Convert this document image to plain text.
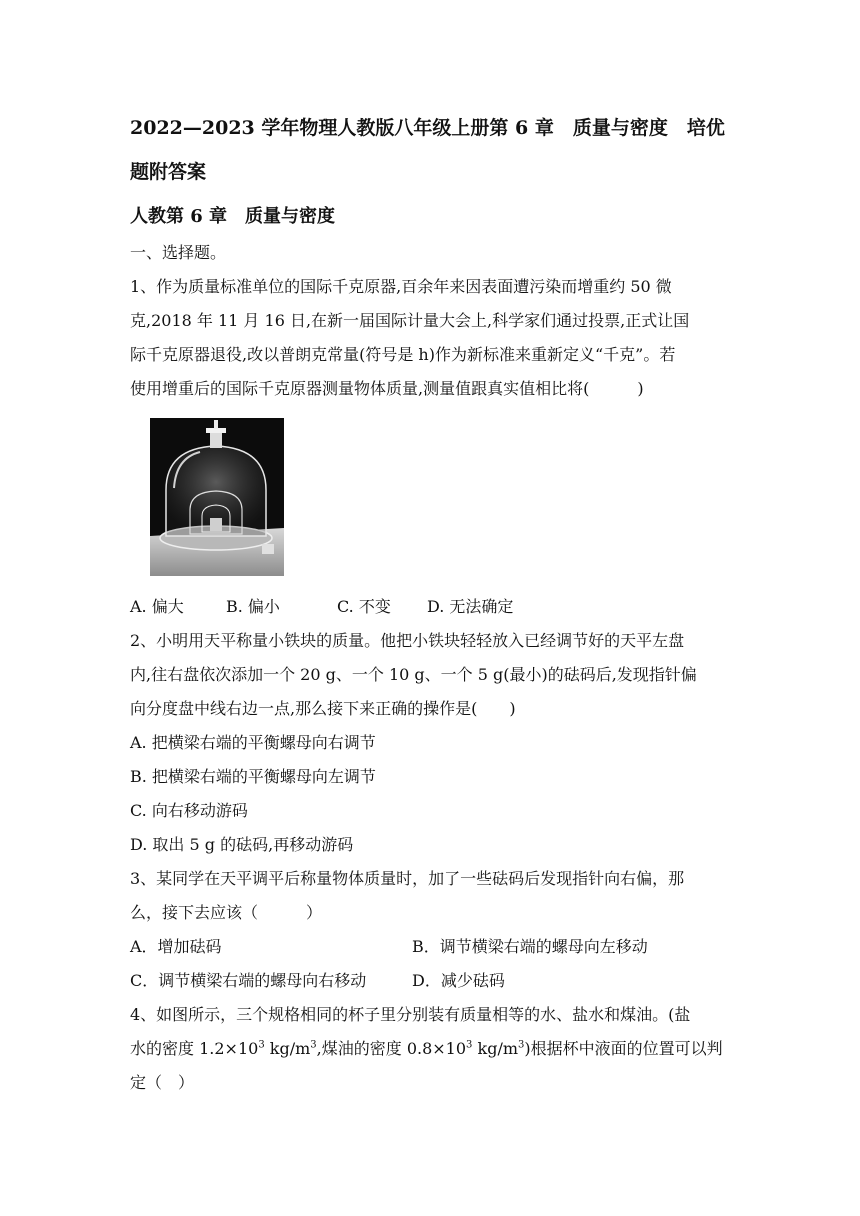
2022—2023 学年物理人教版八年级上册第 6 章　质量与密度　培优
题附答案
人教第 6 章　质量与密度
一、选择题。
1、作为质量标准单位的国际千克原器,百余年来因表面遭污染而增重约 50 微
克,2018 年 11 月 16 日,在新一届国际计量大会上,科学家们通过投票,正式让国
际千克原器退役,改以普朗克常量(符号是 h)作为新标准来重新定义“千克”。若
使用增重后的国际千克原器测量物体质量,测量值跟真实值相比将(　　　)
A. 偏大	B. 偏小	C. 不变	D. 无法确定
2、小明用天平称量小铁块的质量。他把小铁块轻轻放入已经调节好的天平左盘
内,往右盘依次添加一个 20 g、一个 10 g、一个 5 g(最小)的砝码后,发现指针偏
向分度盘中线右边一点,那么接下来正确的操作是(　　)
A. 把横梁右端的平衡螺母向右调节
B. 把横梁右端的平衡螺母向左调节
C. 向右移动游码
D. 取出 5 g 的砝码,再移动游码
3、某同学在天平调平后称量物体质量时，加了一些砝码后发现指针向右偏，那
么，接下去应该（　　　）
A．增加砝码	B．调节横梁右端的螺母向左移动
C．调节横梁右端的螺母向右移动	D．减少砝码
4、如图所示，三个规格相同的杯子里分别装有质量相等的水、盐水和煤油。(盐
水的密度 $1.2\times 10^3$ $kg/m^3$,煤油的密度 $0.8\times 10^3$ $kg/m^3$)根据杯中液面的位置可以判
定（　）
